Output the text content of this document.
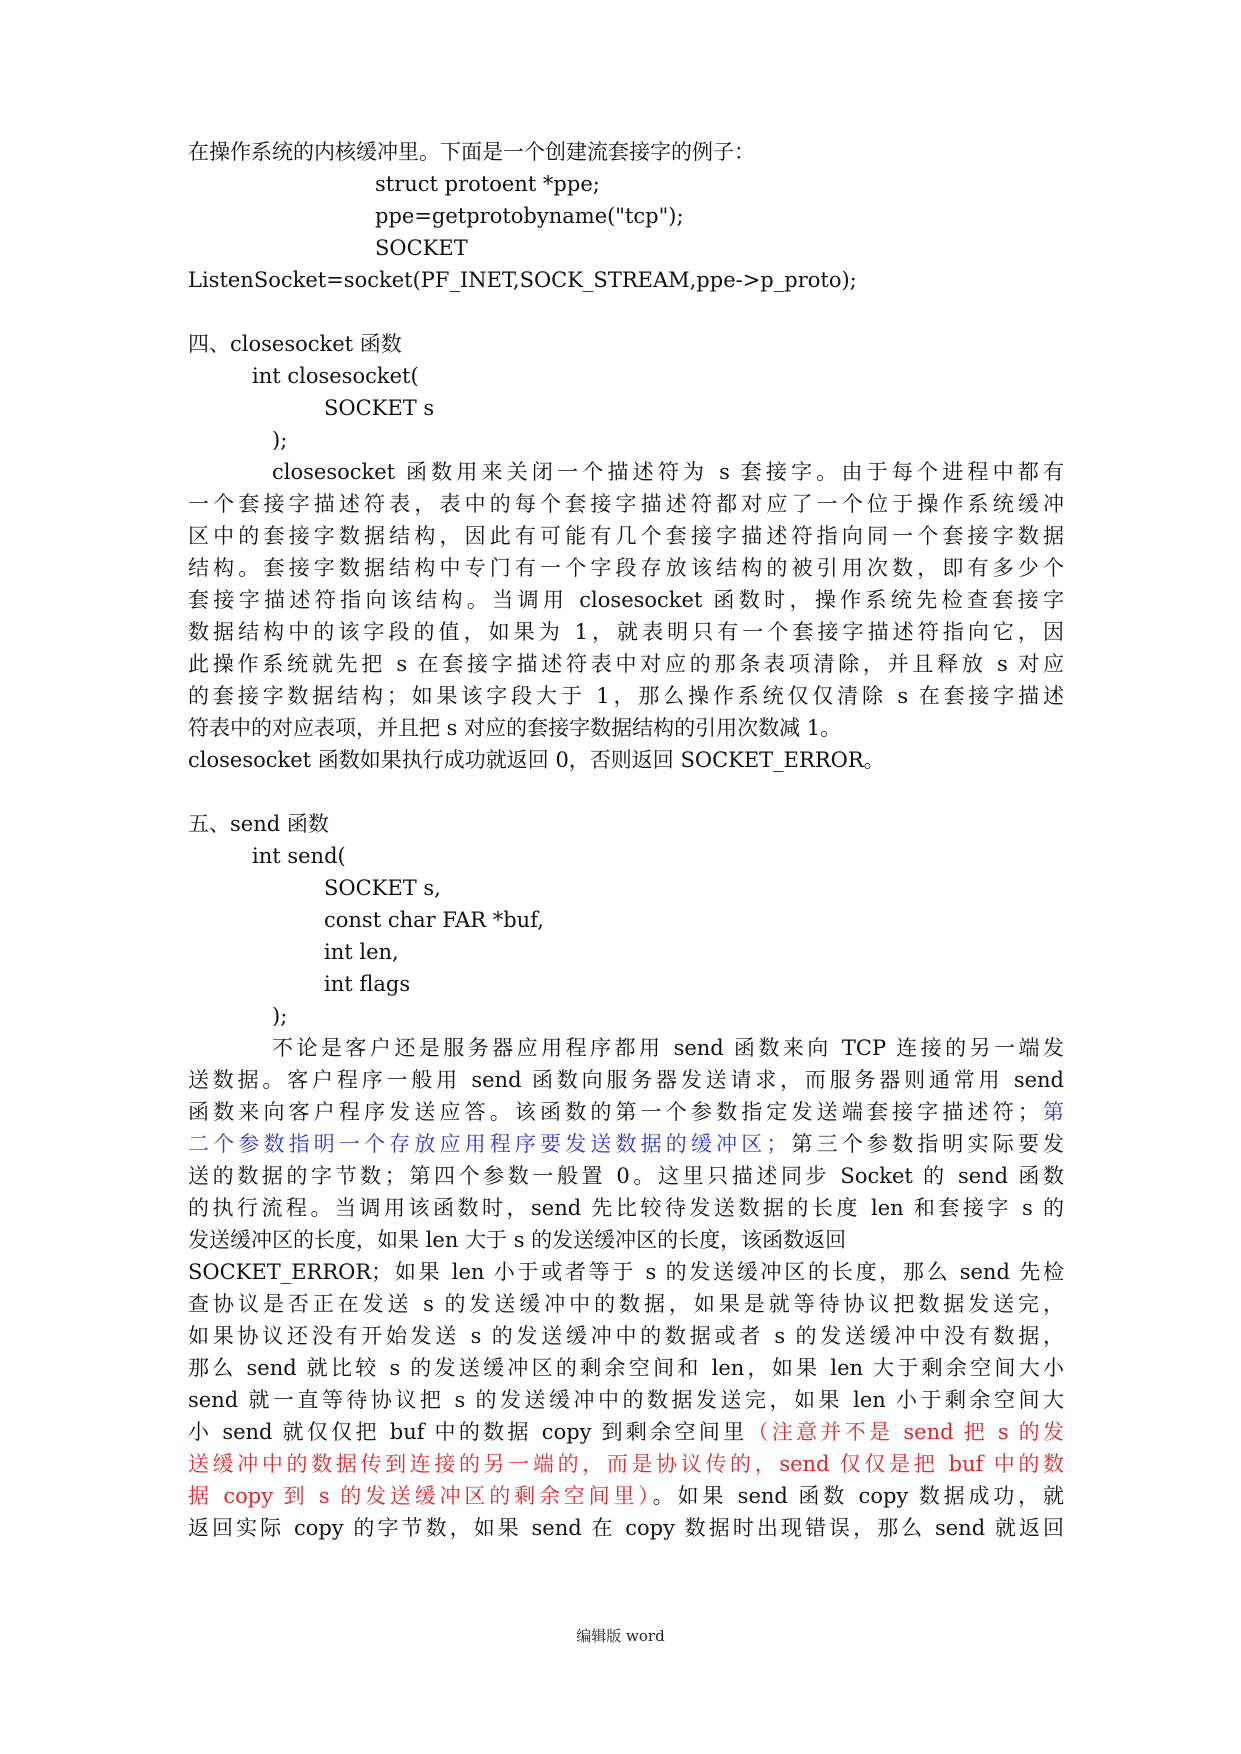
在操作系统的内核缓冲里。下面是一个创建流套接字的例子：
struct protoent *ppe;
ppe=getprotobyname("tcp");
SOCKET
ListenSocket=socket(PF_INET,SOCK_STREAM,ppe->p_proto);
四、closesocket 函数
int closesocket(
SOCKET s
);
closesocket 函数用来关闭一个描述符为 s 套接字。由于每个进程中都有
一个套接字描述符表，表中的每个套接字描述符都对应了一个位于操作系统缓冲
区中的套接字数据结构，因此有可能有几个套接字描述符指向同一个套接字数据
结构。套接字数据结构中专门有一个字段存放该结构的被引用次数，即有多少个
套接字描述符指向该结构。当调用 closesocket 函数时，操作系统先检查套接字
数据结构中的该字段的值，如果为 1，就表明只有一个套接字描述符指向它，因
此操作系统就先把 s 在套接字描述符表中对应的那条表项清除，并且释放 s 对应
的套接字数据结构；如果该字段大于 1，那么操作系统仅仅清除 s 在套接字描述
符表中的对应表项，并且把 s 对应的套接字数据结构的引用次数减 1。
closesocket 函数如果执行成功就返回 0，否则返回 SOCKET_ERROR。
五、send 函数
int send(
SOCKET s,
const char FAR *buf,
int len,
int flags
);
不论是客户还是服务器应用程序都用 send 函数来向 TCP 连接的另一端发
送数据。客户程序一般用 send 函数向服务器发送请求，而服务器则通常用 send
函数来向客户程序发送应答。该函数的第一个参数指定发送端套接字描述符；第
二个参数指明一个存放应用程序要发送数据的缓冲区；第三个参数指明实际要发
送的数据的字节数；第四个参数一般置 0。这里只描述同步 Socket 的 send 函数
的执行流程。当调用该函数时，send 先比较待发送数据的长度 len 和套接字 s 的
发送缓冲区的长度，如果 len 大于 s 的发送缓冲区的长度，该函数返回
SOCKET_ERROR；如果 len 小于或者等于 s 的发送缓冲区的长度，那么 send 先检
查协议是否正在发送 s 的发送缓冲中的数据，如果是就等待协议把数据发送完，
如果协议还没有开始发送 s 的发送缓冲中的数据或者 s 的发送缓冲中没有数据，
那么 send 就比较 s 的发送缓冲区的剩余空间和 len，如果 len 大于剩余空间大小
send 就一直等待协议把 s 的发送缓冲中的数据发送完，如果 len 小于剩余空间大
小 send 就仅仅把 buf 中的数据 copy 到剩余空间里（注意并不是 send 把 s 的发
送缓冲中的数据传到连接的另一端的，而是协议传的，send 仅仅是把 buf 中的数
据 copy 到 s 的发送缓冲区的剩余空间里）。如果 send 函数 copy 数据成功，就
返回实际 copy 的字节数，如果 send 在 copy 数据时出现错误，那么 send 就返回
编辑版 word
